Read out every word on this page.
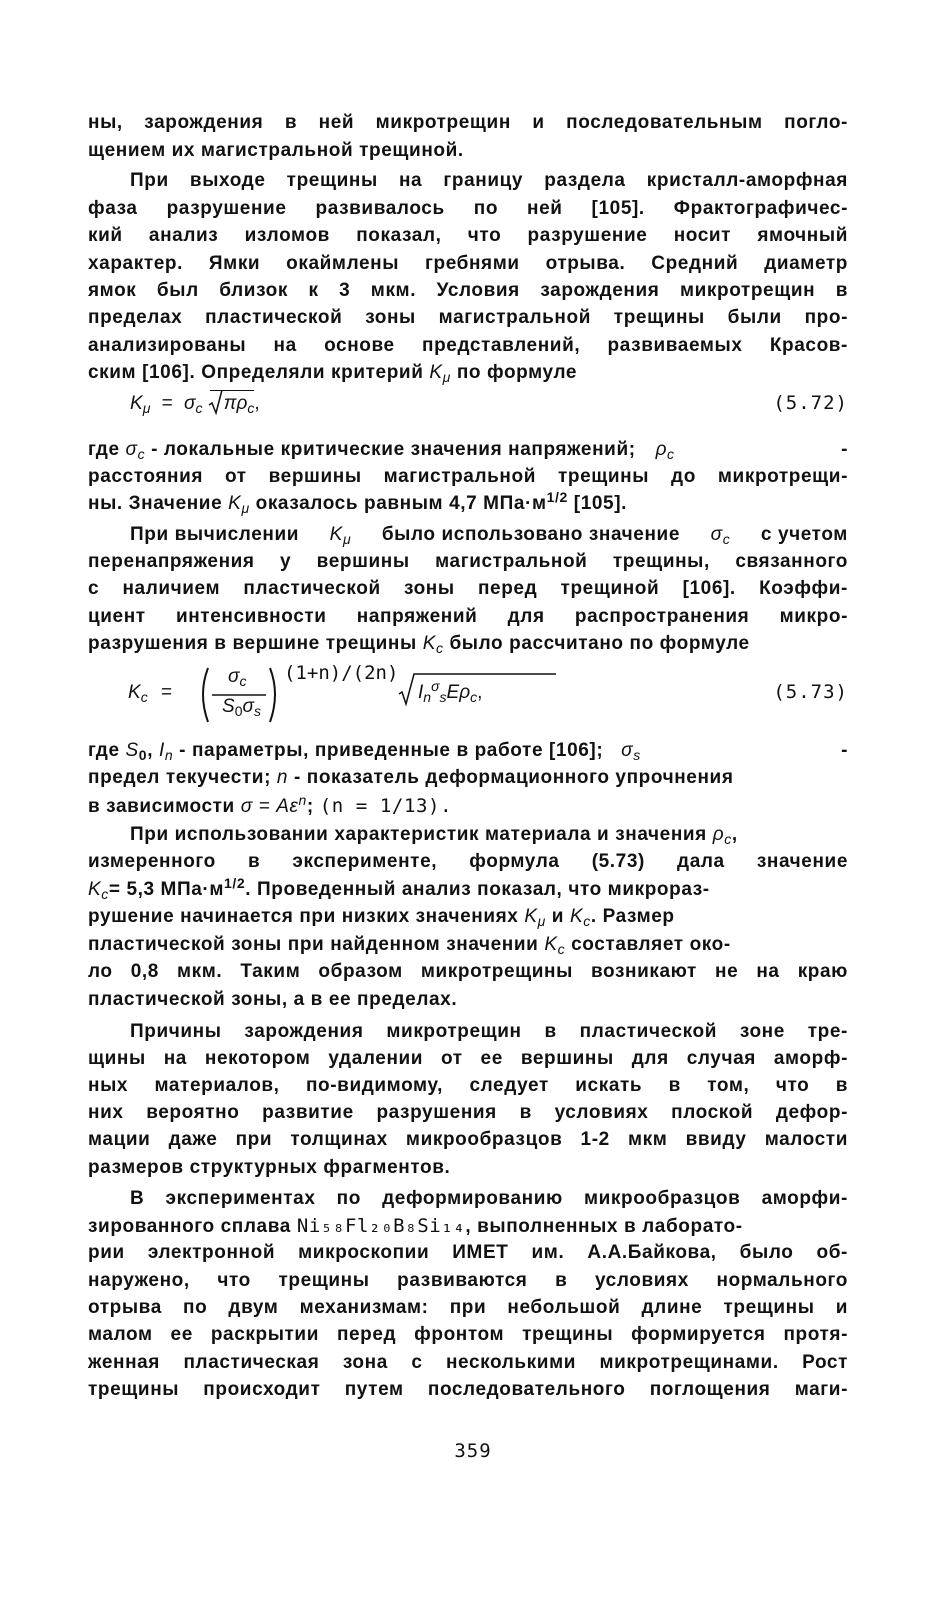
ны, зарождения в ней микротрещин и последовательным погло-
щением их магистральной трещиной.
При выходе трещины на границу раздела кристалл-аморфная
фаза разрушение развивалось по ней [105]. Фрактографичес-
кий анализ изломов показал, что разрушение носит ямочный
характер. Ямки окаймлены гребнями отрыва. Средний диаметр
ямок был близок к 3 мкм. Условия зарождения микротрещин в
пределах пластической зоны магистральной трещины были про-
анализированы на основе представлений, развиваемых Красов-
ским [106]. Определяли критерий $K_\mu$ по формуле
$K_\mu = \sigma_c$ $\pi\rho_c$,	(5.72)
где $\sigma_c$ - локальные критические значения напряжений; $\rho_c$	-
расстояния от вершины магистральной трещины до микротрещи-
ны. Значение $K_\mu$ оказалось равным 4,7 $МПа\cdot м^{1/2}$ [105].
При вычислении $K_\mu$ было использовано значение $\sigma_c$ с учетом
перенапряжения у вершины магистральной трещины, связанного
с наличием пластической зоны перед трещиной [106]. Коэффи-
циент интенсивности напряжений для распространения микро-
разрушения в вершине трещины $K_c$ было рассчитано по формуле
$K_c$ =
$\sigma_c$
$S_0\sigma_s$
(1+n)/(2n)
$I_n^\sigma_sE\rho_c$,	(5.73)
где $S_0$, $I_n$ - параметры, приведенные в работе [106]; $\sigma_s$	-
предел текучести; n - показатель деформационного упрочнения
в зависимости $\sigma = A\varepsilon^n$; (n = 1/13).
При использовании характеристик материала и значения $\rho_c$,
измеренного в эксперименте, формула (5.73) дала значение
$K_c= 5,3$ $МПа\cdot м^{1/2}$. Проведенный анализ показал, что микрораз-
рушение начинается при низких значениях $K_\mu$ и $K_c$. Размер
пластической зоны при найденном значении $K_c$ составляет око-
ло 0,8 мкм. Таким образом микротрещины возникают не на краю
пластической зоны, а в ее пределах.
Причины зарождения микротрещин в пластической зоне тре-
щины на некотором удалении от ее вершины для случая аморф-
ных материалов, по-видимому, следует искать в том, что в
них вероятно развитие разрушения в условиях плоской дефор-
мации даже при толщинах микрообразцов 1-2 мкм ввиду малости
размеров структурных фрагментов.
В экспериментах по деформированию микрообразцов аморфи-
зированного сплава Ni₅₈Fl₂₀B₈Si₁₄, выполненных в лаборато-
рии электронной микроскопии ИМЕТ им. А.А.Байкова, было об-
наружено, что трещины развиваются в условиях нормального
отрыва по двум механизмам: при небольшой длине трещины и
малом ее раскрытии перед фронтом трещины формируется протя-
женная пластическая зона с несколькими микротрещинами. Рост
трещины происходит путем последовательного поглощения маги-
359
